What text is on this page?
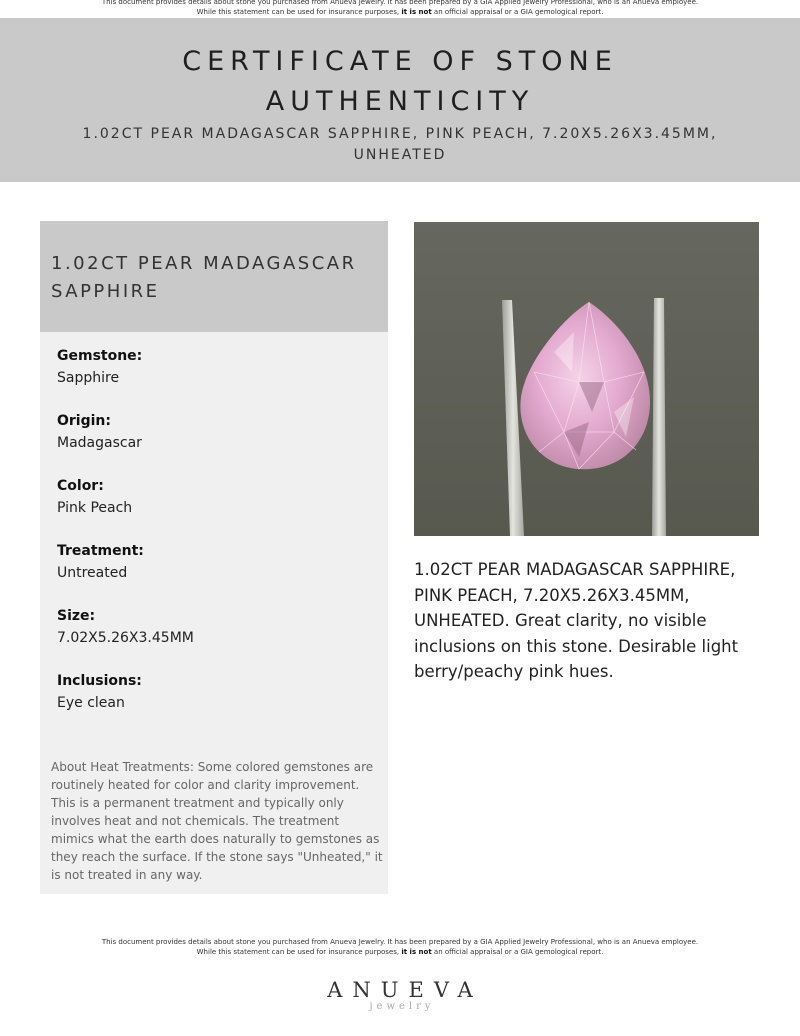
This document provides details about stone you purchased from Anueva Jewelry. It has been prepared by a GIA Applied Jewelry Professional, who is an Anueva employee.
While this statement can be used for insurance purposes, it is not an official appraisal or a GIA gemological report.
CERTIFICATE OF STONE AUTHENTICITY
1.02CT PEAR MADAGASCAR SAPPHIRE, PINK PEACH, 7.20X5.26X3.45MM, UNHEATED
1.02CT PEAR MADAGASCAR SAPPHIRE
Gemstone:
Sapphire
Origin:
Madagascar
Color:
Pink Peach
Treatment:
Untreated
Size:
7.02X5.26X3.45MM
Inclusions:
Eye clean
About Heat Treatments: Some colored gemstones are routinely heated for color and clarity improvement. This is a permanent treatment and typically only involves heat and not chemicals. The treatment mimics what the earth does naturally to gemstones as they reach the surface. If the stone says "Unheated," it is not treated in any way.
1.02CT PEAR MADAGASCAR SAPPHIRE, PINK PEACH, 7.20X5.26X3.45MM, UNHEATED. Great clarity, no visible inclusions on this stone. Desirable light berry/peachy pink hues.
This document provides details about stone you purchased from Anueva Jewelry. It has been prepared by a GIA Applied Jewelry Professional, who is an Anueva employee.
While this statement can be used for insurance purposes, it is not an official appraisal or a GIA gemological report.
ANUEVA
jewelry
